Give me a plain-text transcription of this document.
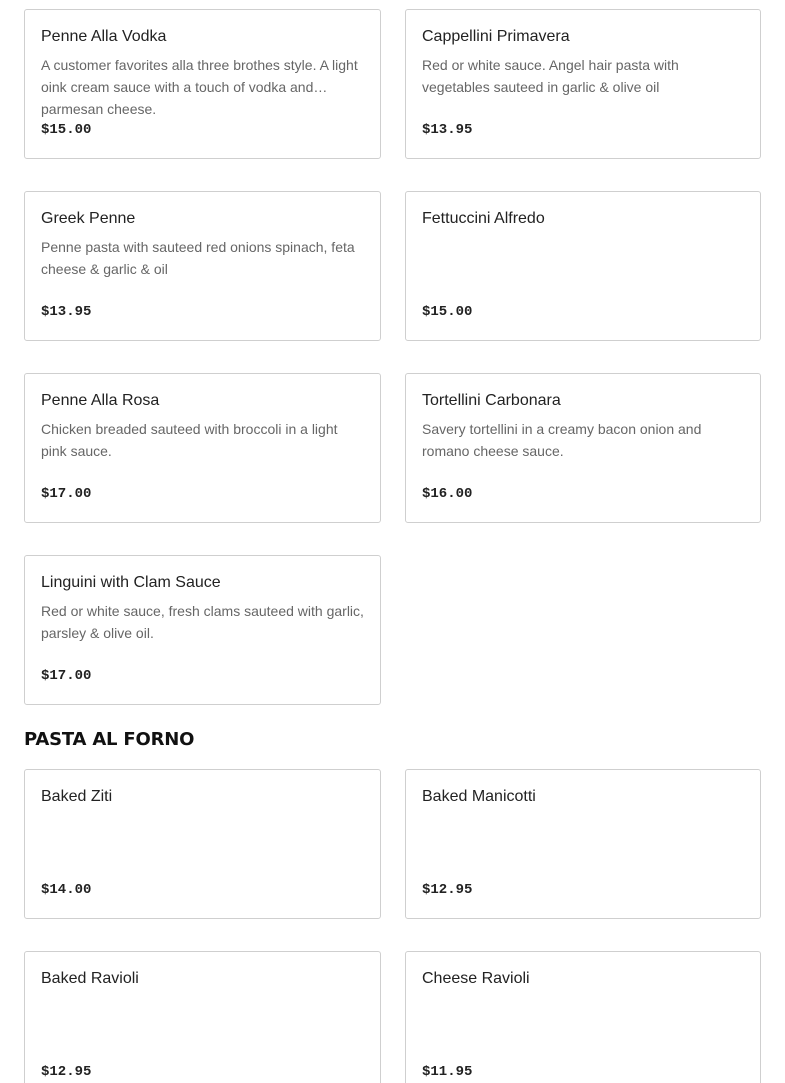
Penne Alla Vodka
A customer favorites alla three brothes style. A light oink cream sauce with a touch of vodka and parmesan cheese.
$15.00
Cappellini Primavera
Red or white sauce. Angel hair pasta with vegetables sauteed in garlic & olive oil
$13.95
Greek Penne
Penne pasta with sauteed red onions spinach, feta cheese & garlic & oil
$13.95
Fettuccini Alfredo
$15.00
Penne Alla Rosa
Chicken breaded sauteed with broccoli in a light pink sauce.
$17.00
Tortellini Carbonara
Savery tortellini in a creamy bacon onion and romano cheese sauce.
$16.00
Linguini with Clam Sauce
Red or white sauce, fresh clams sauteed with garlic, parsley & olive oil.
$17.00
PASTA AL FORNO
Baked Ziti
$14.00
Baked Manicotti
$12.95
Baked Ravioli
$12.95
Cheese Ravioli
$11.95
